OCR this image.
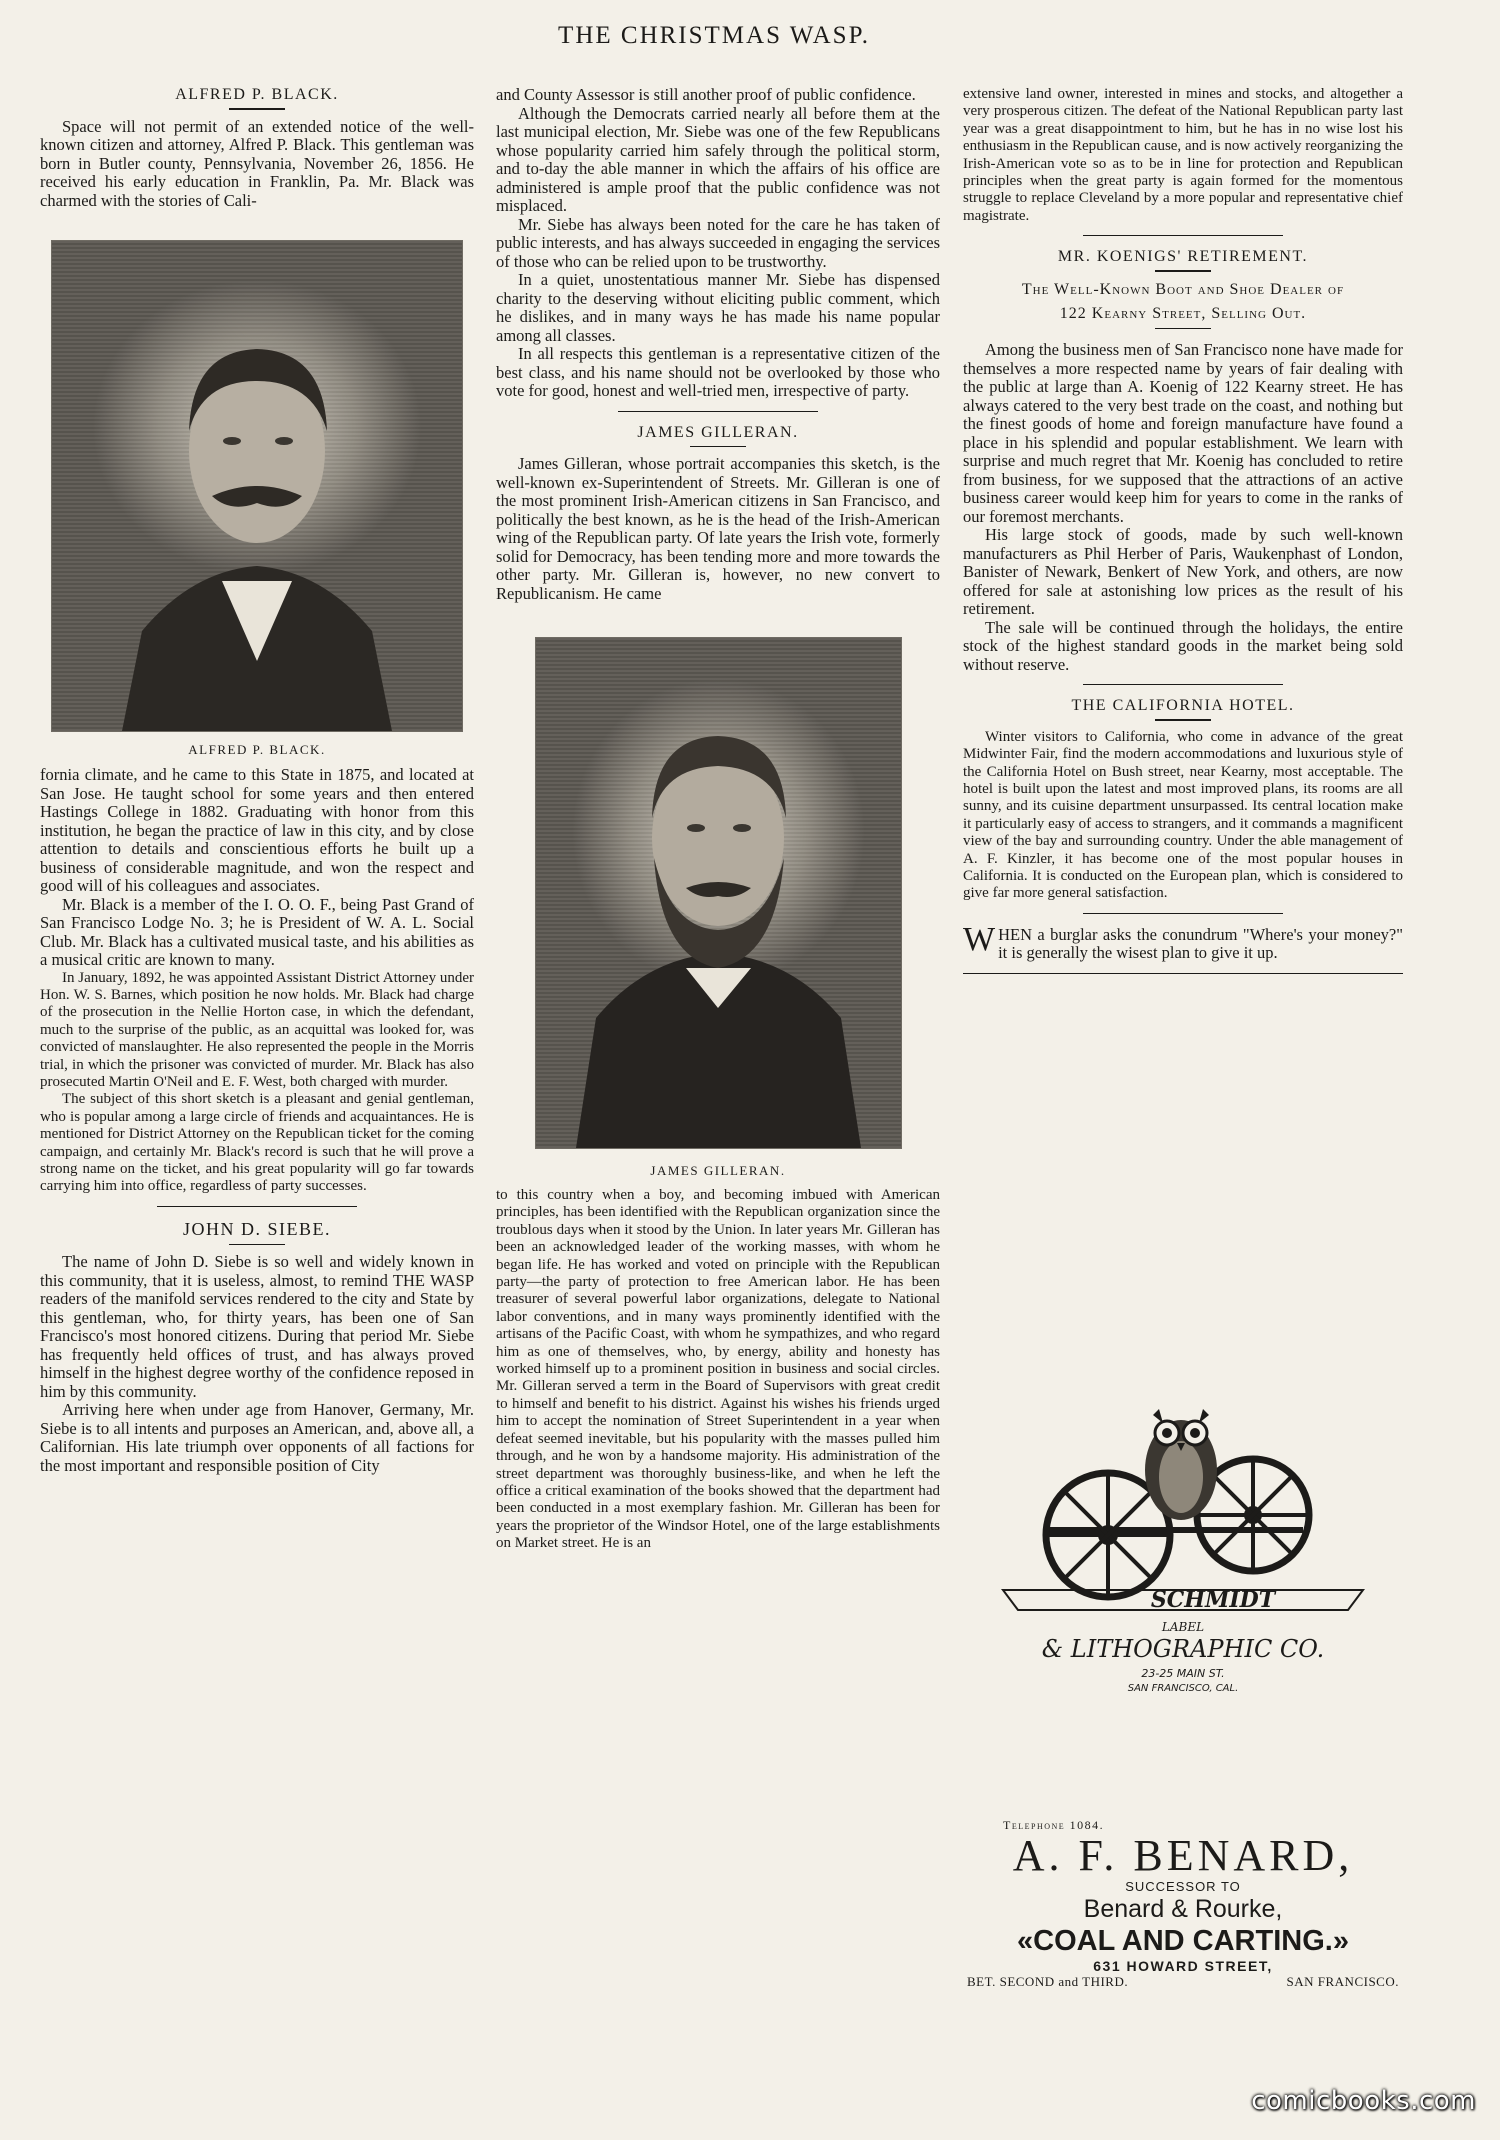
THE CHRISTMAS WASP.
ALFRED P. BLACK.

Space will not permit of an extended notice of the well-known citizen and attorney, Alfred P. Black. This gentleman was born in Butler county, Pennsylvania, November 26, 1856. He received his early education in Franklin, Pa. Mr. Black was charmed with the stories of Cali-

ALFRED P. BLACK.

fornia climate, and he came to this State in 1875, and located at San Jose. He taught school for some years and then entered Hastings College in 1882. Graduating with honor from this institution, he began the practice of law in this city, and by close attention to details and conscientious efforts he built up a business of considerable magnitude, and won the respect and good will of his colleagues and associates.

Mr. Black is a member of the I. O. O. F., being Past Grand of San Francisco Lodge No. 3; he is President of W. A. L. Social Club. Mr. Black has a cultivated musical taste, and his abilities as a musical critic are known to many.

In January, 1892, he was appointed Assistant District Attorney under Hon. W. S. Barnes, which position he now holds. Mr. Black had charge of the prosecution in the Nellie Horton case, in which the defendant, much to the surprise of the public, as an acquittal was looked for, was convicted of manslaughter. He also represented the people in the Morris trial, in which the prisoner was convicted of murder. Mr. Black has also prosecuted Martin O'Neil and E. F. West, both charged with murder.

The subject of this short sketch is a pleasant and genial gentleman, who is popular among a large circle of friends and acquaintances. He is mentioned for District Attorney on the Republican ticket for the coming campaign, and certainly Mr. Black's record is such that he will prove a strong name on the ticket, and his great popularity will go far towards carrying him into office, regardless of party successes.

JOHN D. SIEBE.

The name of John D. Siebe is so well and widely known in this community, that it is useless, almost, to remind THE WASP readers of the manifold services rendered to the city and State by this gentleman, who, for thirty years, has been one of San Francisco's most honored citizens. During that period Mr. Siebe has frequently held offices of trust, and has always proved himself in the highest degree worthy of the confidence reposed in him by this community.

Arriving here when under age from Hanover, Germany, Mr. Siebe is to all intents and purposes an American, and, above all, a Californian. His late triumph over opponents of all factions for the most important and responsible position of City

and County Assessor is still another proof of public confidence.

Although the Democrats carried nearly all before them at the last municipal election, Mr. Siebe was one of the few Republicans whose popularity carried him safely through the political storm, and to-day the able manner in which the affairs of his office are administered is ample proof that the public confidence was not misplaced.

Mr. Siebe has always been noted for the care he has taken of public interests, and has always succeeded in engaging the services of those who can be relied upon to be trustworthy.

In a quiet, unostentatious manner Mr. Siebe has dispensed charity to the deserving without eliciting public comment, which he dislikes, and in many ways he has made his name popular among all classes.

In all respects this gentleman is a representative citizen of the best class, and his name should not be overlooked by those who vote for good, honest and well-tried men, irrespective of party.

JAMES GILLERAN.

James Gilleran, whose portrait accompanies this sketch, is the well-known ex-Superintendent of Streets. Mr. Gilleran is one of the most prominent Irish-American citizens in San Francisco, and politically the best known, as he is the head of the Irish-American wing of the Republican party. Of late years the Irish vote, formerly solid for Democracy, has been tending more and more towards the other party. Mr. Gilleran is, however, no new convert to Republicanism. He came

JAMES GILLERAN.

to this country when a boy, and becoming imbued with American principles, has been identified with the Republican organization since the troublous days when it stood by the Union. In later years Mr. Gilleran has been an acknowledged leader of the working masses, with whom he began life. He has worked and voted on principle with the Republican party—the party of protection to free American labor. He has been treasurer of several powerful labor organizations, delegate to National labor conventions, and in many ways prominently identified with the artisans of the Pacific Coast, with whom he sympathizes, and who regard him as one of themselves, who, by energy, ability and honesty has worked himself up to a prominent position in business and social circles. Mr. Gilleran served a term in the Board of Supervisors with great credit to himself and benefit to his district. Against his wishes his friends urged him to accept the nomination of Street Superintendent in a year when defeat seemed inevitable, but his popularity with the masses pulled him through, and he won by a handsome majority. His administration of the street department was thoroughly business-like, and when he left the office a critical examination of the books showed that the department had been conducted in a most exemplary fashion. Mr. Gilleran has been for years the proprietor of the Windsor Hotel, one of the large establishments on Market street. He is an

extensive land owner, interested in mines and stocks, and altogether a very prosperous citizen. The defeat of the National Republican party last year was a great disappointment to him, but he has in no wise lost his enthusiasm in the Republican cause, and is now actively reorganizing the Irish-American vote so as to be in line for protection and Republican principles when the great party is again formed for the momentous struggle to replace Cleveland by a more popular and representative chief magistrate.

MR. KOENIGS' RETIREMENT.
The Well-Known Boot and Shoe Dealer of
122 Kearny Street, Selling Out.

Among the business men of San Francisco none have made for themselves a more respected name by years of fair dealing with the public at large than A. Koenig of 122 Kearny street. He has always catered to the very best trade on the coast, and nothing but the finest goods of home and foreign manufacture have found a place in his splendid and popular establishment. We learn with surprise and much regret that Mr. Koenig has concluded to retire from business, for we supposed that the attractions of an active business career would keep him for years to come in the ranks of our foremost merchants.

His large stock of goods, made by such well-known manufacturers as Phil Herber of Paris, Waukenphast of London, Banister of Newark, Benkert of New York, and others, are now offered for sale at astonishing low prices as the result of his retirement.

The sale will be continued through the holidays, the entire stock of the highest standard goods in the market being sold without reserve.

THE CALIFORNIA HOTEL.

Winter visitors to California, who come in advance of the great Midwinter Fair, find the modern accommodations and luxurious style of the California Hotel on Bush street, near Kearny, most acceptable. The hotel is built upon the latest and most improved plans, its rooms are all sunny, and its cuisine department unsurpassed. Its central location make it particularly easy of access to strangers, and it commands a magnificent view of the bay and surrounding country. Under the able management of A. F. Kinzler, it has become one of the most popular houses in California. It is conducted on the European plan, which is considered to give far more general satisfaction.

WHEN a burglar asks the conundrum "Where's your money?" it is generally the wisest plan to give it up.

SCHMIDT
LABEL
& LITHOGRAPHIC CO.
23-25 MAIN ST.
SAN FRANCISCO, CAL.
Telephone 1084.
A. F. BENARD,
SUCCESSOR TO
Benard & Rourke,
«COAL AND CARTING.»
631 HOWARD STREET,
BET. SECOND and THIRD.	SAN FRANCISCO.
comicbooks.com
